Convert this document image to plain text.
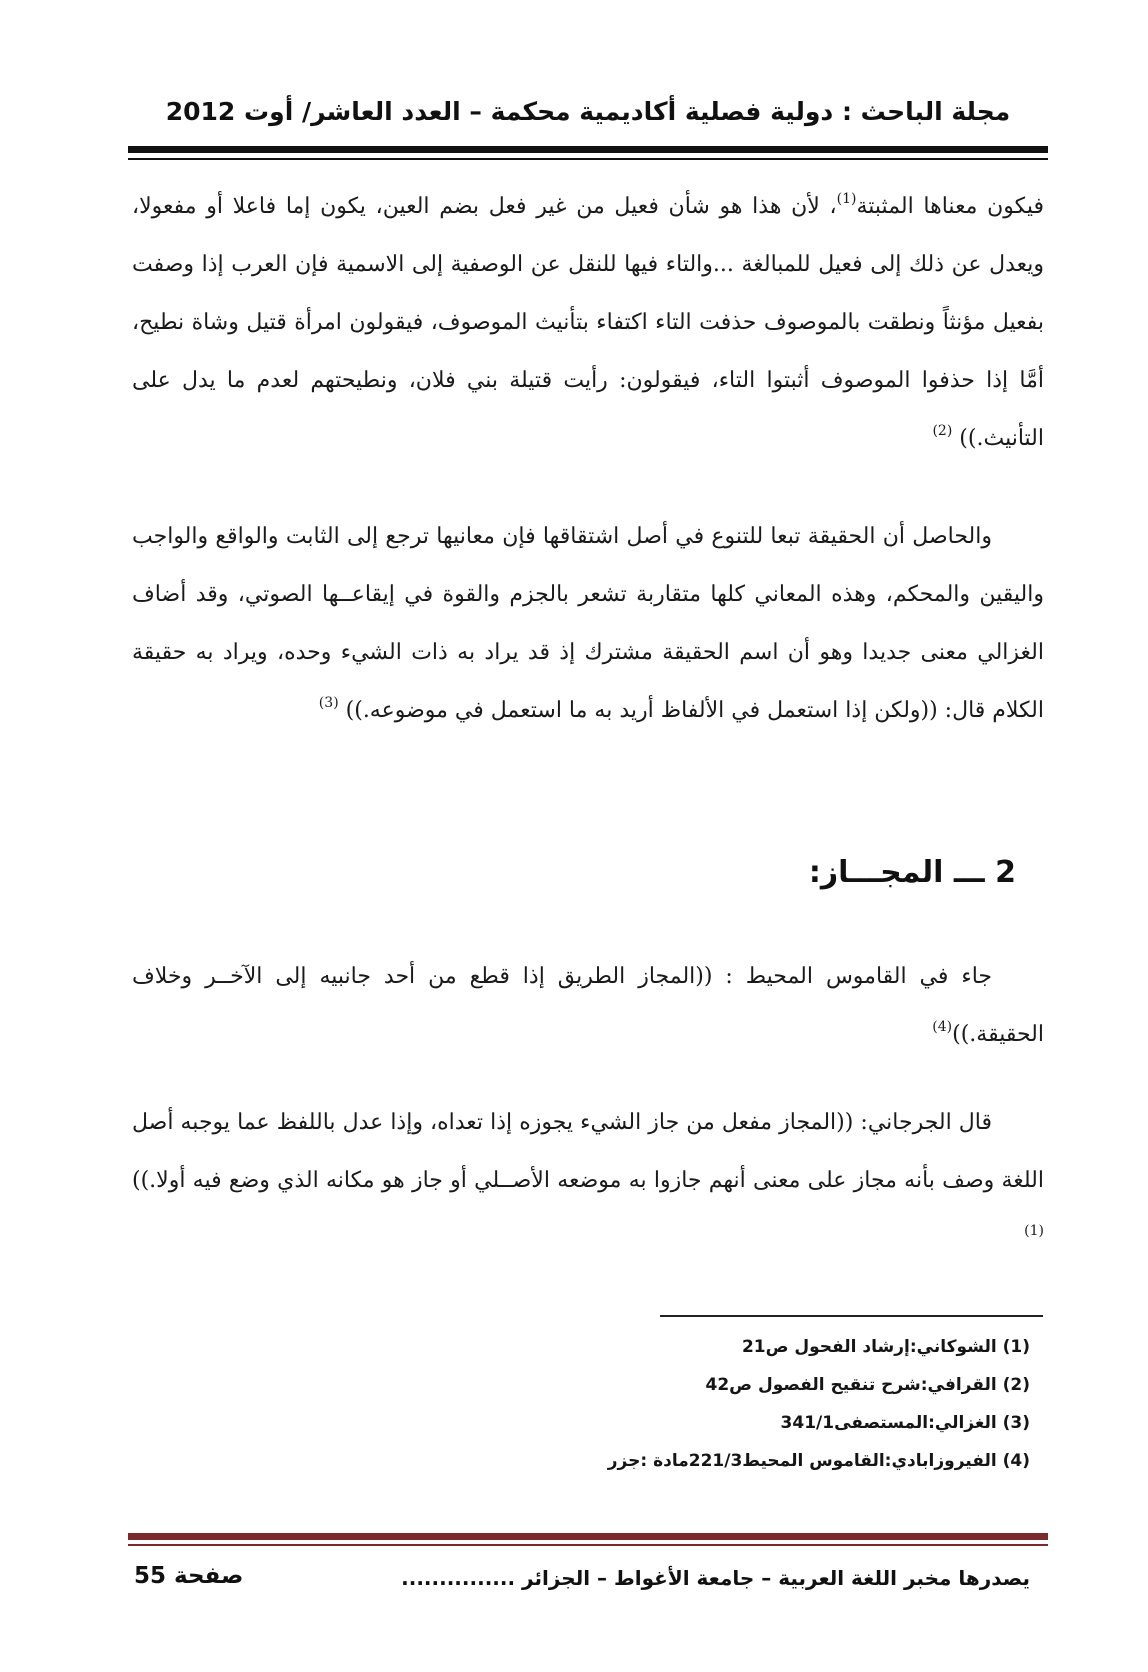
مجلة الباحث : دولية فصلية أكاديمية محكمة – العدد العاشر/ أوت 2012

فيكون معناها المثبتة$^{(1)}$، لأن هذا هو شأن فعيل من غير فعل بضم العين، يكون إما فاعلا أو مفعولا، ويعدل عن ذلك إلى فعيل للمبالغة ...والتاء فيها للنقل عن الوصفية إلى الاسمية فإن العرب إذا وصفت بفعيل مؤنثاً ونطقت بالموصوف حذفت التاء اكتفاء بتأنيث الموصوف، فيقولون امرأة قتيل وشاة نطيح، أمَّا إذا حذفوا الموصوف أثبتوا التاء، فيقولون: رأيت قتيلة بني فلان، ونطيحتهم لعدم ما يدل على التأنيث.)) $^{(2)}$

والحاصل أن الحقيقة تبعا للتنوع في أصل اشتقاقها فإن معانيها ترجع إلى الثابت والواقع والواجب واليقين والمحكم، وهذه المعاني كلها متقاربة تشعر بالجزم والقوة في إيقاعــها الصوتي، وقد أضاف الغزالي معنى جديدا وهو أن اسم الحقيقة مشترك إذ قد يراد به ذات الشيء وحده، ويراد به حقيقة الكلام قال: ((ولكن إذا استعمل في الألفاظ أريد به ما استعمل في موضوعه.)) $^{(3)}$

2 ـــ المجـــاز:

جاء في القاموس المحيط : ((المجاز الطريق إذا قطع من أحد جانبيه إلى الآخــر وخلاف الحقيقة.))$^{(4)}$

قال الجرجاني: ((المجاز مفعل من جاز الشيء يجوزه إذا تعداه، وإذا عدل باللفظ عما يوجبه أصل اللغة وصف بأنه مجاز على معنى أنهم جازوا به موضعه الأصــلي أو جاز هو مكانه الذي وضع فيه أولا.))$^{(1)}$

(1) الشوكاني:إرشاد الفحول ص21
(2) القرافي:شرح تنقيح الفصول ص42
(3) الغزالي:المستصفى341/1
(4) الفيروزابادي:القاموس المحيط221/3مادة :جزر
يصدرها مخبر اللغة العربية – جامعة الأغواط – الجزائر ...............
صفحة 55
